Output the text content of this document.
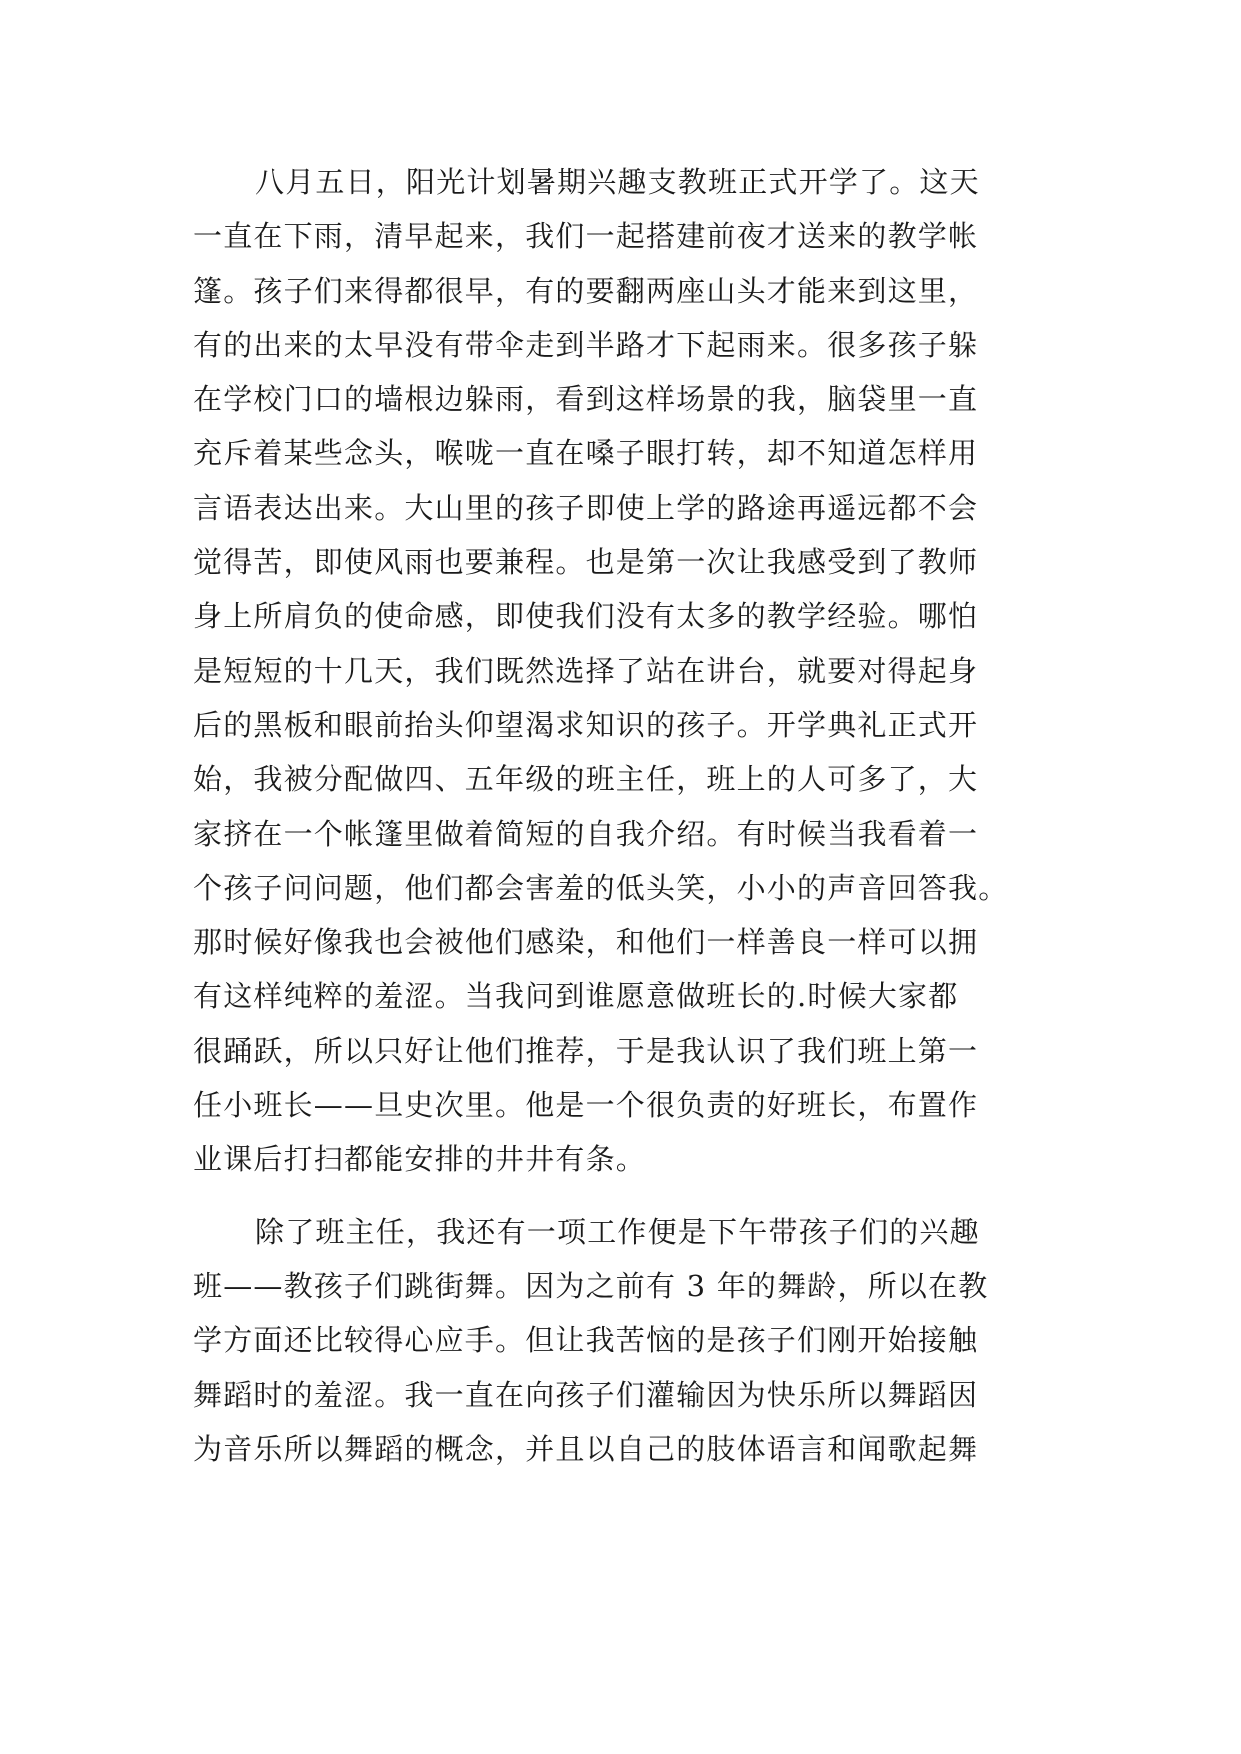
八月五日，阳光计划暑期兴趣支教班正式开学了。这天
一直在下雨，清早起来，我们一起搭建前夜才送来的教学帐
篷。孩子们来得都很早，有的要翻两座山头才能来到这里，
有的出来的太早没有带伞走到半路才下起雨来。很多孩子躲
在学校门口的墙根边躲雨，看到这样场景的我，脑袋里一直
充斥着某些念头，喉咙一直在嗓子眼打转，却不知道怎样用
言语表达出来。大山里的孩子即使上学的路途再遥远都不会
觉得苦，即使风雨也要兼程。也是第一次让我感受到了教师
身上所肩负的使命感，即使我们没有太多的教学经验。哪怕
是短短的十几天，我们既然选择了站在讲台，就要对得起身
后的黑板和眼前抬头仰望渴求知识的孩子。开学典礼正式开
始，我被分配做四、五年级的班主任，班上的人可多了，大
家挤在一个帐篷里做着简短的自我介绍。有时候当我看着一
个孩子问问题，他们都会害羞的低头笑，小小的声音回答我。
那时候好像我也会被他们感染，和他们一样善良一样可以拥
有这样纯粹的羞涩。当我问到谁愿意做班长的.时候大家都
很踊跃，所以只好让他们推荐，于是我认识了我们班上第一
任小班长——旦史次里。他是一个很负责的好班长，布置作
业课后打扫都能安排的井井有条。
除了班主任，我还有一项工作便是下午带孩子们的兴趣
班——教孩子们跳街舞。因为之前有 3 年的舞龄，所以在教
学方面还比较得心应手。但让我苦恼的是孩子们刚开始接触
舞蹈时的羞涩。我一直在向孩子们灌输因为快乐所以舞蹈因
为音乐所以舞蹈的概念，并且以自己的肢体语言和闻歌起舞
